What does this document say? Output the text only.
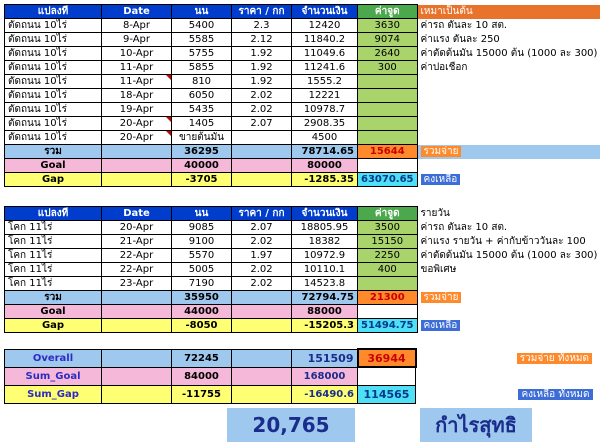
แปลงที่	Date	นน	ราคา / กก	จำนวนเงิน	ค่าจูด	เหมาเป็นต้น
ตัดถนน 10ไร่	8-Apr	5400	2.3	12420	3630	ค่ารถ ตันละ 10 สต.
ตัดถนน 10ไร่	9-Apr	5585	2.12	11840.2	9074	ค่าแรง ตันละ 250
ตัดถนน 10ไร่	10-Apr	5755	1.92	11049.6	2640	ค่าตัดต้นมัน 15000 ต้น (1000 ละ 300)
ตัดถนน 10ไร่	11-Apr	5855	1.92	11241.6	300	ค่าปอเชือก
ตัดถนน 10ไร่	11-Apr	810	1.92	1555.2		
ตัดถนน 10ไร่	18-Apr	6050	2.02	12221		
ตัดถนน 10ไร่	19-Apr	5435	2.02	10978.7		
ตัดถนน 10ไร่	20-Apr	1405	2.07	2908.35		
ตัดถนน 10ไร่	20-Apr	ขายต้นมัน		4500		
รวม		36295		78714.65	15644	รวมจ่าย
Goal		40000		80000		
Gap		-3705		-1285.35	63070.65	คงเหลือ
แปลงที่	Date	นน	ราคา / กก	จำนวนเงิน	ค่าจูด	รายวัน
โคก 11ไร่	20-Apr	9085	2.07	18805.95	3500	ค่ารถ ตันละ 10 สต.
โคก 11ไร่	21-Apr	9100	2.02	18382	15150	ค่าแรง รายวัน + ค่ากับข้าววันละ 100
โคก 11ไร่	22-Apr	5570	1.97	10972.9	2250	ค่าตัดต้นมัน 15000 ต้น (1000 ละ 300)
โคก 11ไร่	22-Apr	5005	2.02	10110.1	400	ขอพิเศษ
โคก 11ไร่	23-Apr	7190	2.02	14523.8		
รวม		35950		72794.75	21300	รวมจ่าย
Goal		44000		88000		
Gap		-8050		-15205.3	51494.75	คงเหลือ
Overall		72245		151509	36944	รวมจ่าย ทั้งหมด
Sum_Goal		84000		168000		
Sum_Gap		-11755		-16490.6	114565	คงเหลือ ทั้งหมด
20,765	กำไรสุทธิ
